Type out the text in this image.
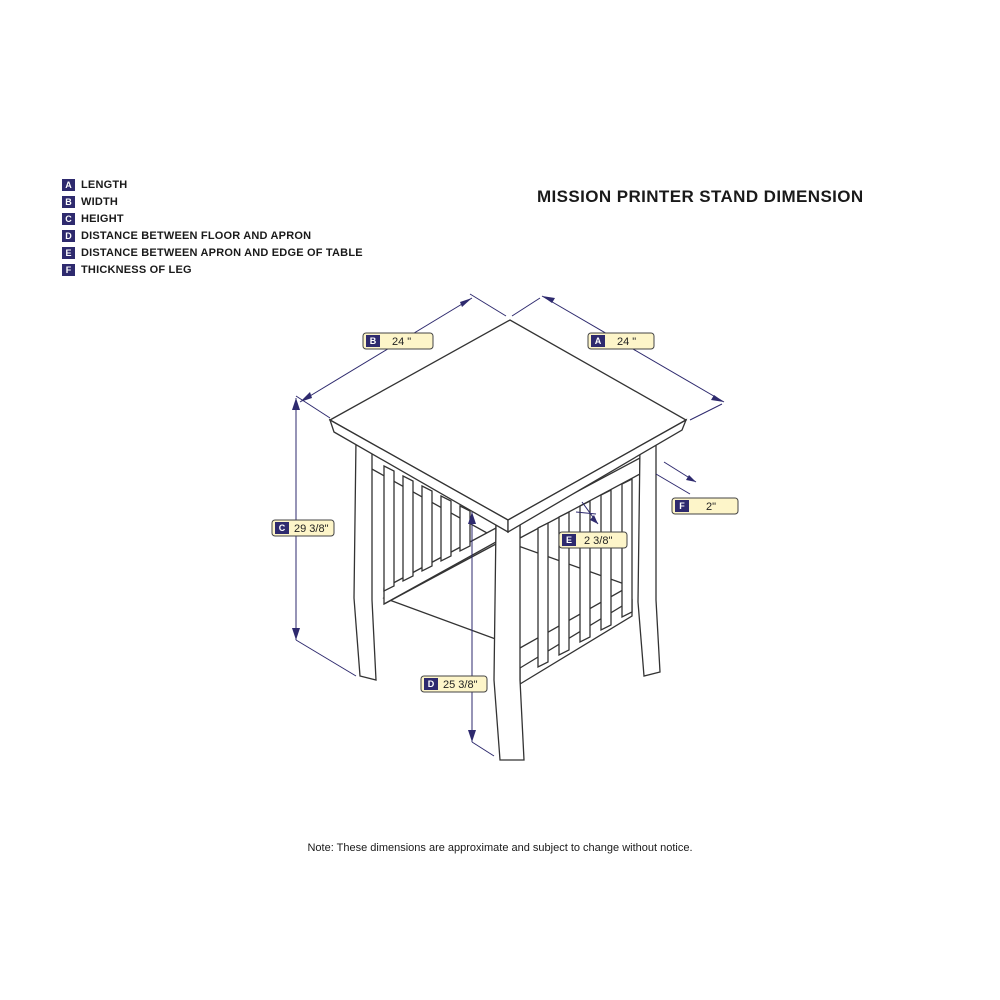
A LENGTH
B WIDTH
C HEIGHT
D DISTANCE BETWEEN FLOOR AND APRON
E DISTANCE BETWEEN APRON AND EDGE OF TABLE
F THICKNESS OF LEG
MISSION PRINTER STAND DIMENSION
B 24 "	A 24 "
C 29 3/8"
D 25 3/8"
E 2 3/8"
F 2"
Note: These dimensions are approximate and subject to change without notice.
